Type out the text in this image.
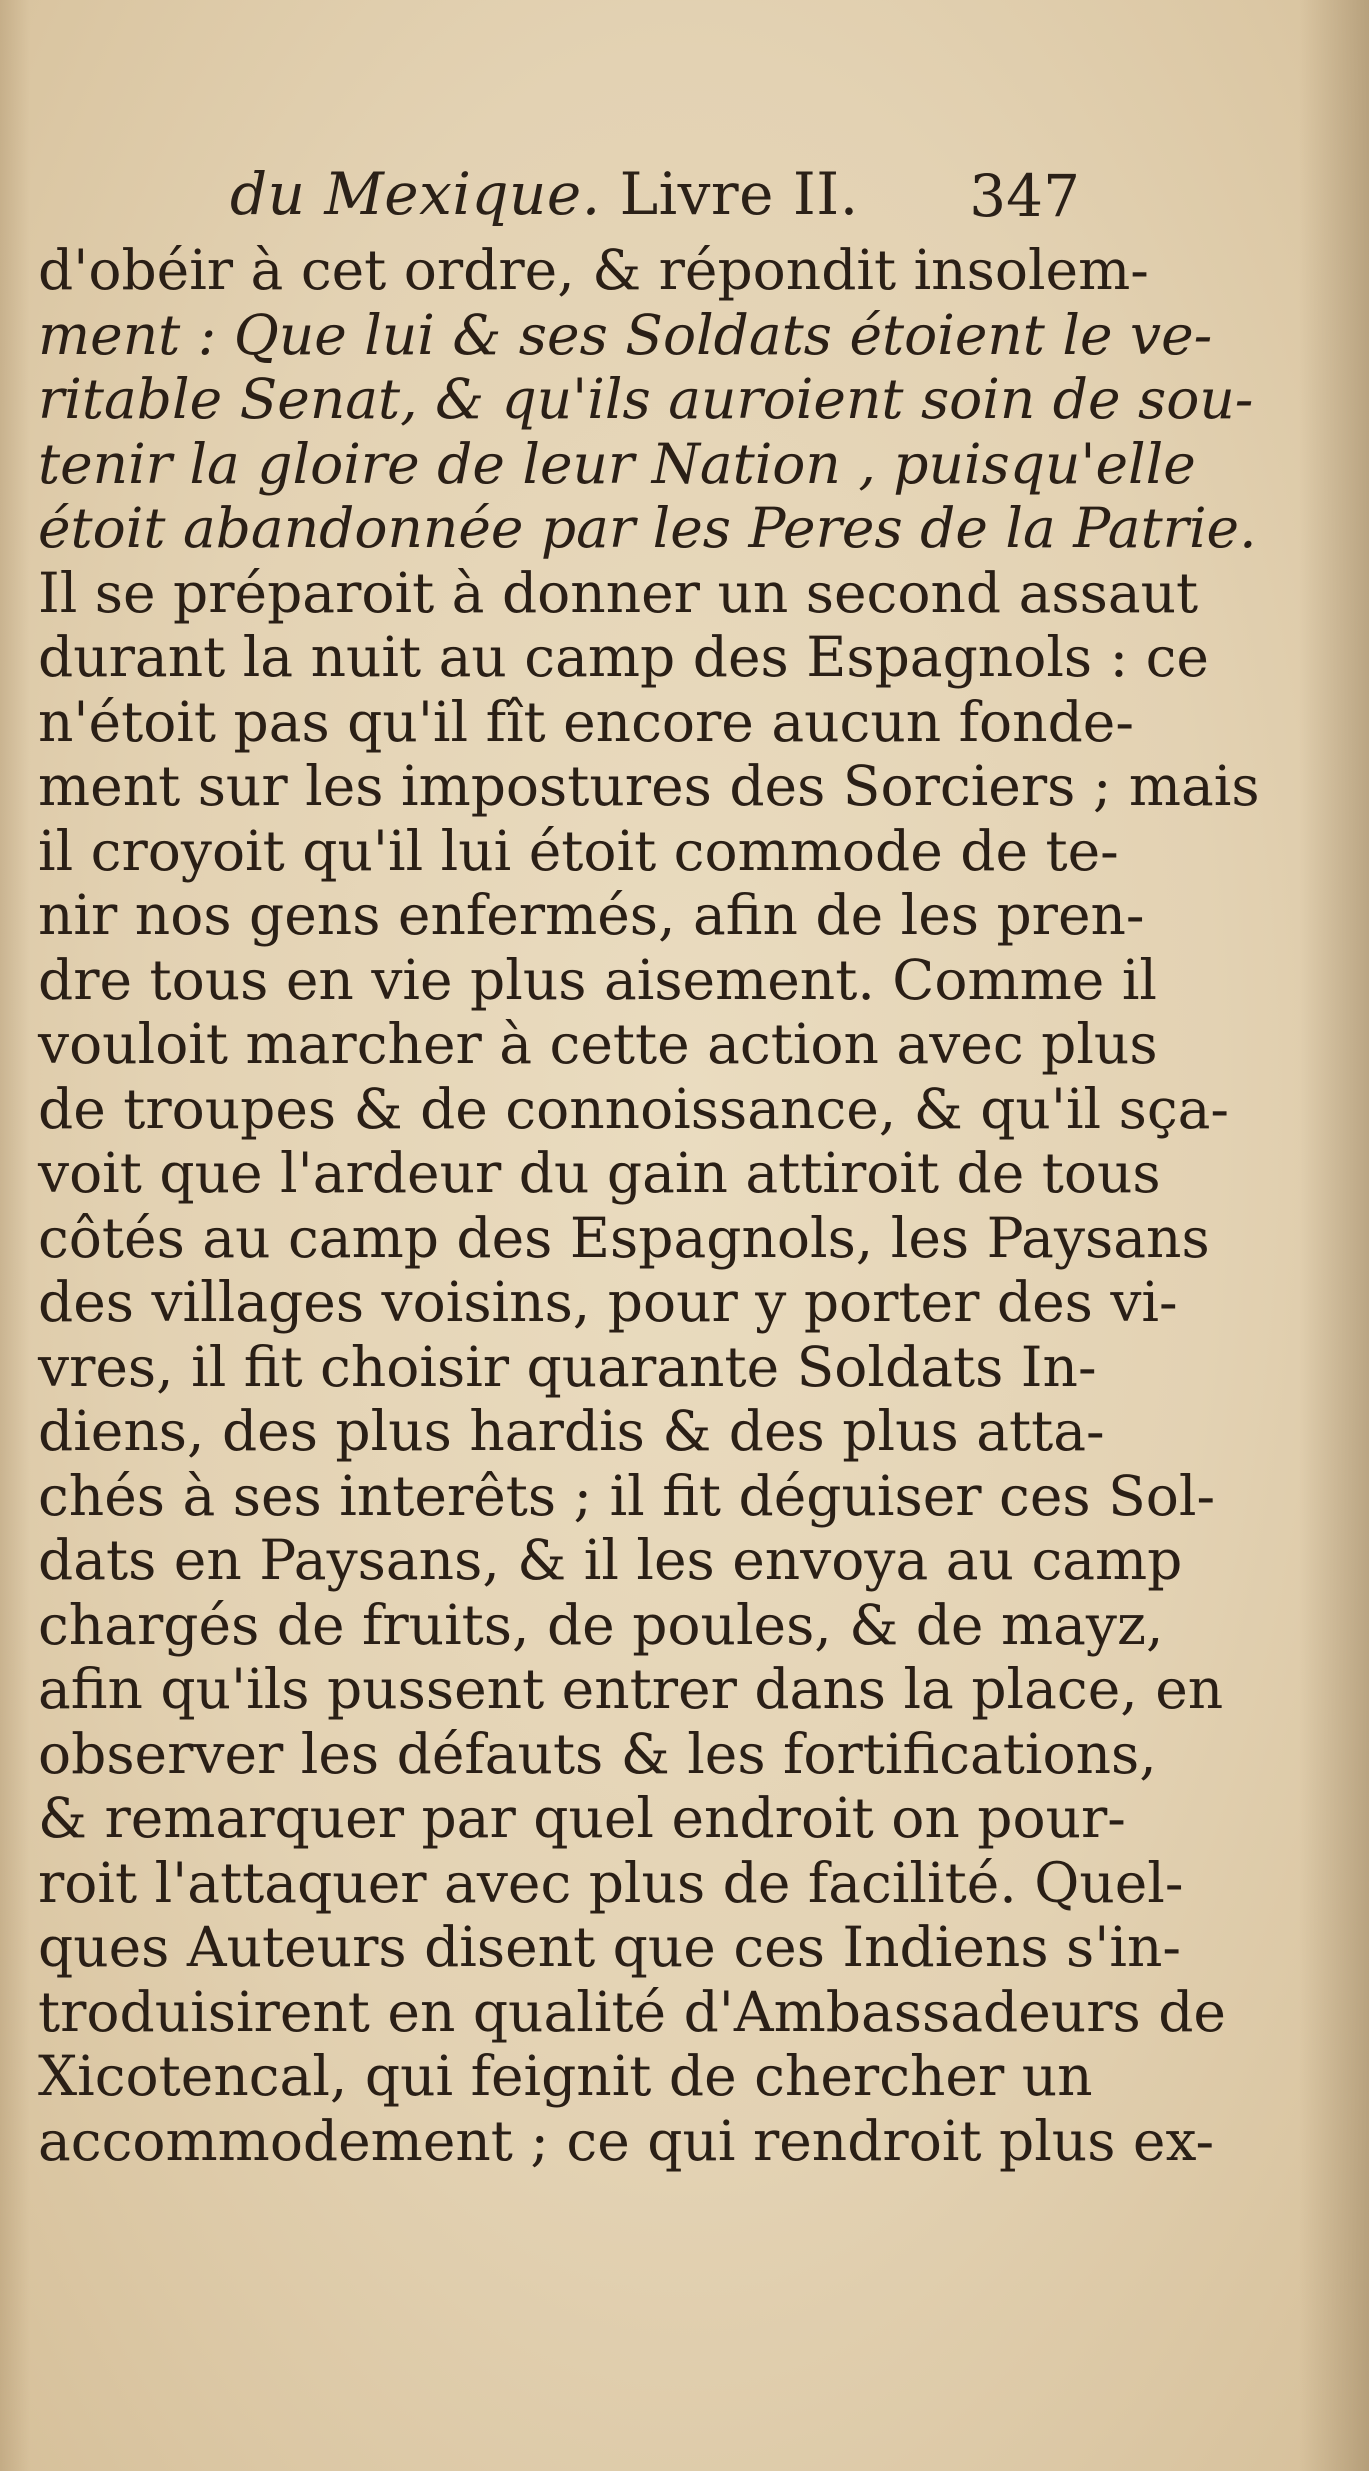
du Mexique. Livre II. 347
d'obéir à cet ordre, & répondit insolem-
ment : Que lui & ses Soldats étoient le ve-
ritable Senat, & qu'ils auroient soin de sou-
tenir la gloire de leur Nation , puisqu'elle
étoit abandonnée par les Peres de la Patrie.
Il se préparoit à donner un second assaut
durant la nuit au camp des Espagnols : ce
n'étoit pas qu'il fît encore aucun fonde-
ment sur les impostures des Sorciers ; mais
il croyoit qu'il lui étoit commode de te-
nir nos gens enfermés, afin de les pren-
dre tous en vie plus aisement. Comme il
vouloit marcher à cette action avec plus
de troupes & de connoissance, & qu'il sça-
voit que l'ardeur du gain attiroit de tous
côtés au camp des Espagnols, les Paysans
des villages voisins, pour y porter des vi-
vres, il fit choisir quarante Soldats In-
diens, des plus hardis & des plus atta-
chés à ses interêts ; il fit déguiser ces Sol-
dats en Paysans, & il les envoya au camp
chargés de fruits, de poules, & de mayz,
afin qu'ils pussent entrer dans la place, en
observer les défauts & les fortifications,
& remarquer par quel endroit on pour-
roit l'attaquer avec plus de facilité. Quel-
ques Auteurs disent que ces Indiens s'in-
troduisirent en qualité d'Ambassadeurs de
Xicotencal, qui feignit de chercher un
accommodement ; ce qui rendroit plus ex-
